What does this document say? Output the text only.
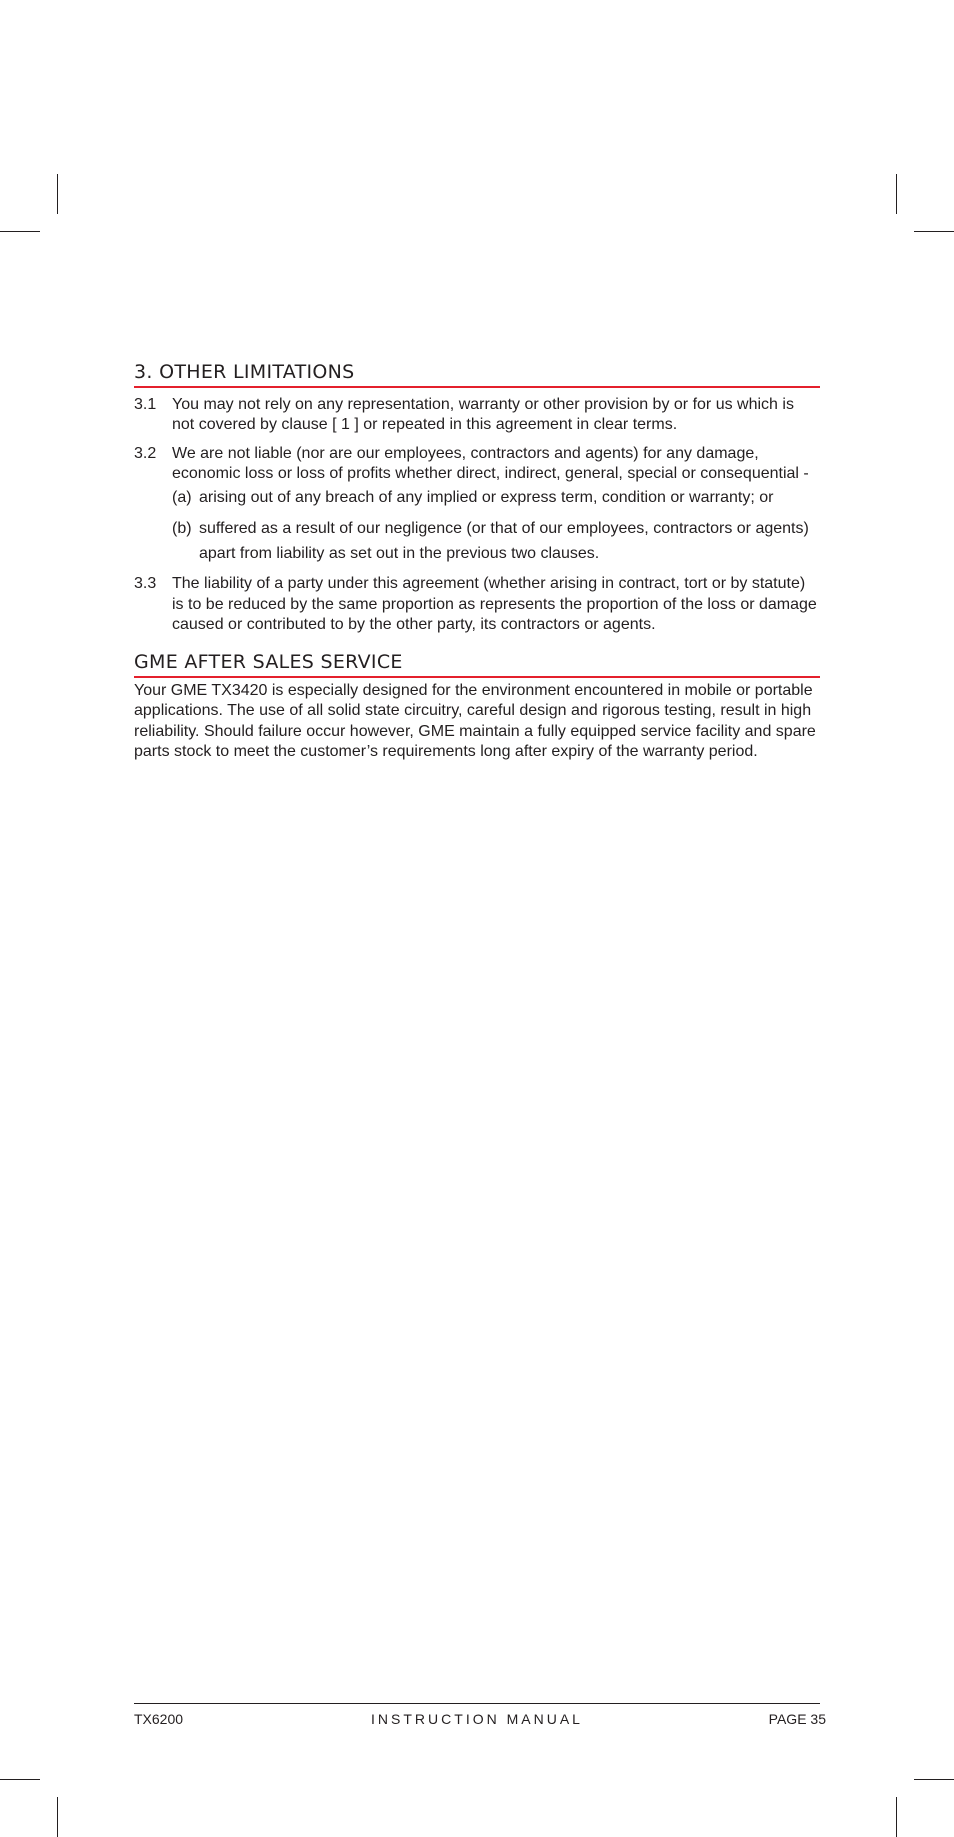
3. OTHER LIMITATIONS
3.1 You may not rely on any representation, warranty or other provision by or for us which is not covered by clause [ 1 ] or repeated in this agreement in clear terms.
3.2 We are not liable (nor are our employees, contractors and agents) for any damage, economic loss or loss of profits whether direct, indirect, general, special or consequential -
(a) arising out of any breach of any implied or express term, condition or warranty; or
(b) suffered as a result of our negligence (or that of our employees, contractors or agents) apart from liability as set out in the previous two clauses.
3.3 The liability of a party under this agreement (whether arising in contract, tort or by statute) is to be reduced by the same proportion as represents the proportion of the loss or damage caused or contributed to by the other party, its contractors or agents.
GME AFTER SALES SERVICE

Your GME TX3420 is especially designed for the environment encountered in mobile or portable applications. The use of all solid state circuitry, careful design and rigorous testing, result in high reliability. Should failure occur however, GME maintain a fully equipped service facility and spare parts stock to meet the customer’s requirements long after expiry of the warranty period.

INSTRUCTION MANUAL
TX6200	PAGE 35
